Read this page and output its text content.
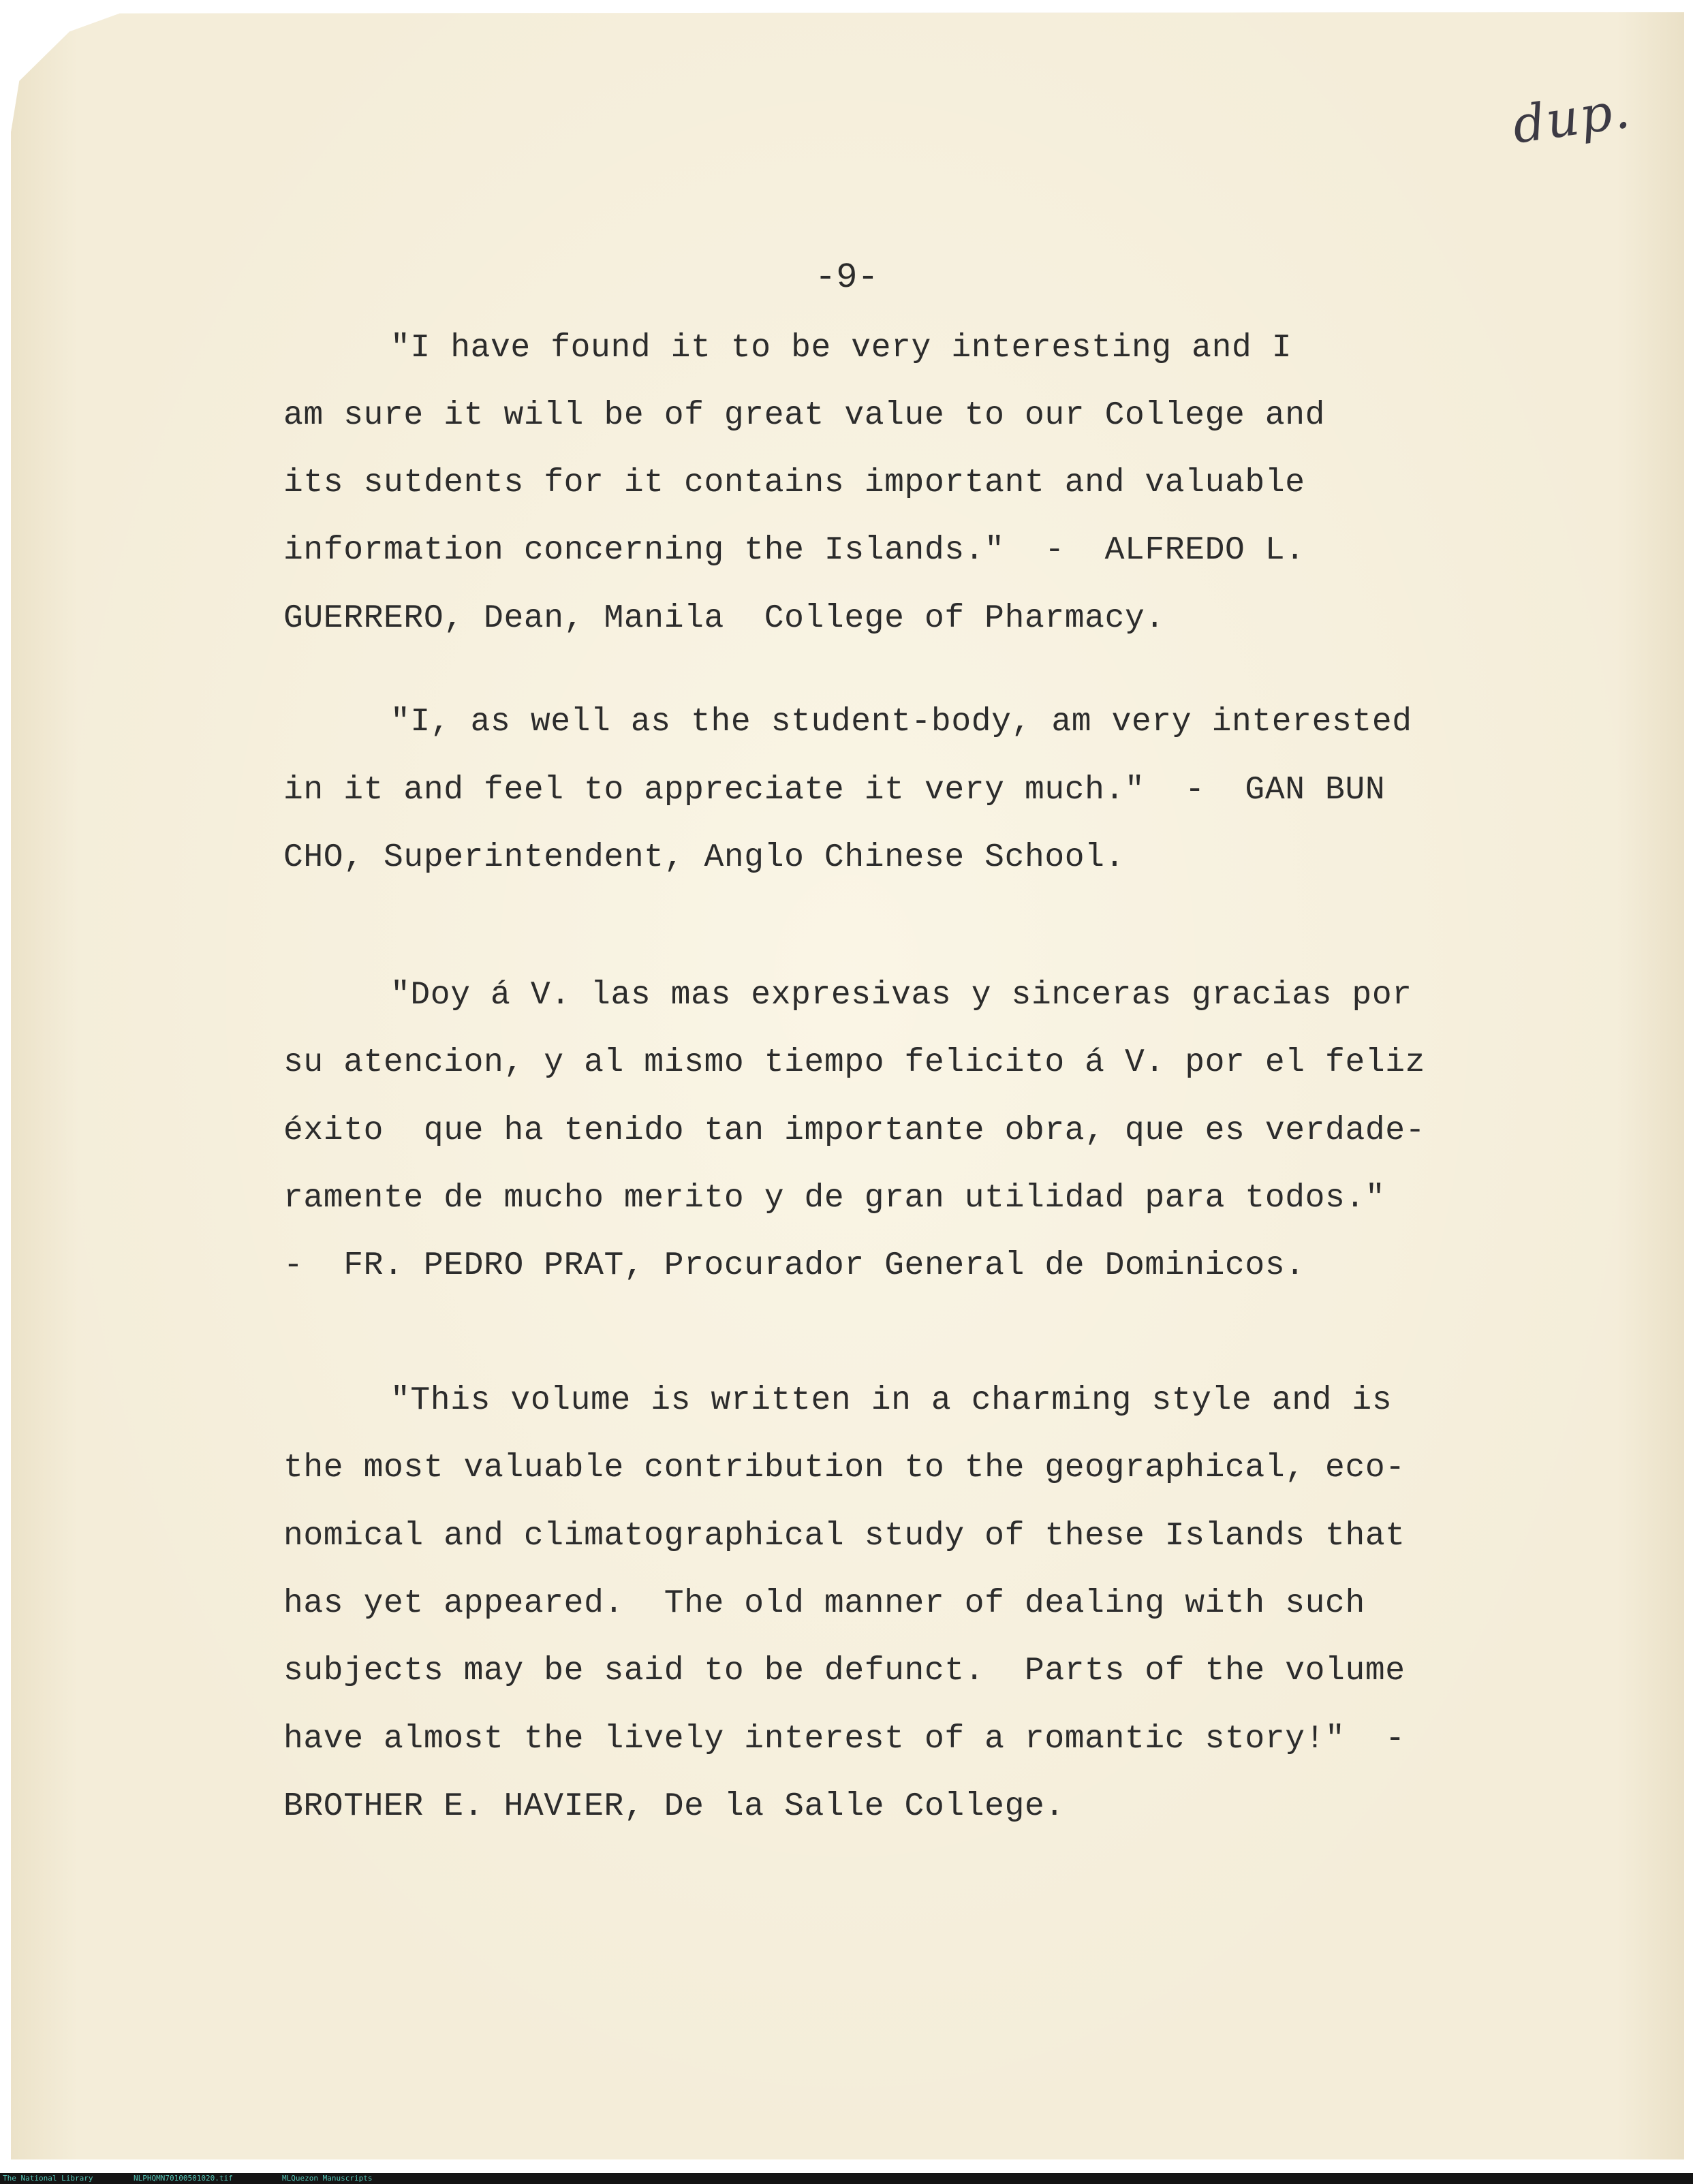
dup.
-9-
"I have found it to be very interesting and I
am sure it will be of great value to our College and
its sutdents for it contains important and valuable
information concerning the Islands."  -  ALFREDO L.
GUERRERO, Dean, Manila  College of Pharmacy.
"I, as well as the student-body, am very interested
in it and feel to appreciate it very much."  -  GAN BUN
CHO, Superintendent, Anglo Chinese School.
"Doy á V. las mas expresivas y sinceras gracias por
su atencion, y al mismo tiempo felicito á V. por el feliz
éxito  que ha tenido tan importante obra, que es verdade-
ramente de mucho merito y de gran utilidad para todos."
-  FR. PEDRO PRAT, Procurador General de Dominicos.
"This volume is written in a charming style and is
the most valuable contribution to the geographical, eco-
nomical and climatographical study of these Islands that
has yet appeared.  The old manner of dealing with such
subjects may be said to be defunct.  Parts of the volume
have almost the lively interest of a romantic story!"  -
BROTHER E. HAVIER, De la Salle College.
The National Library	NLPHQMN70100501020.tif	MLQuezon Manuscripts
